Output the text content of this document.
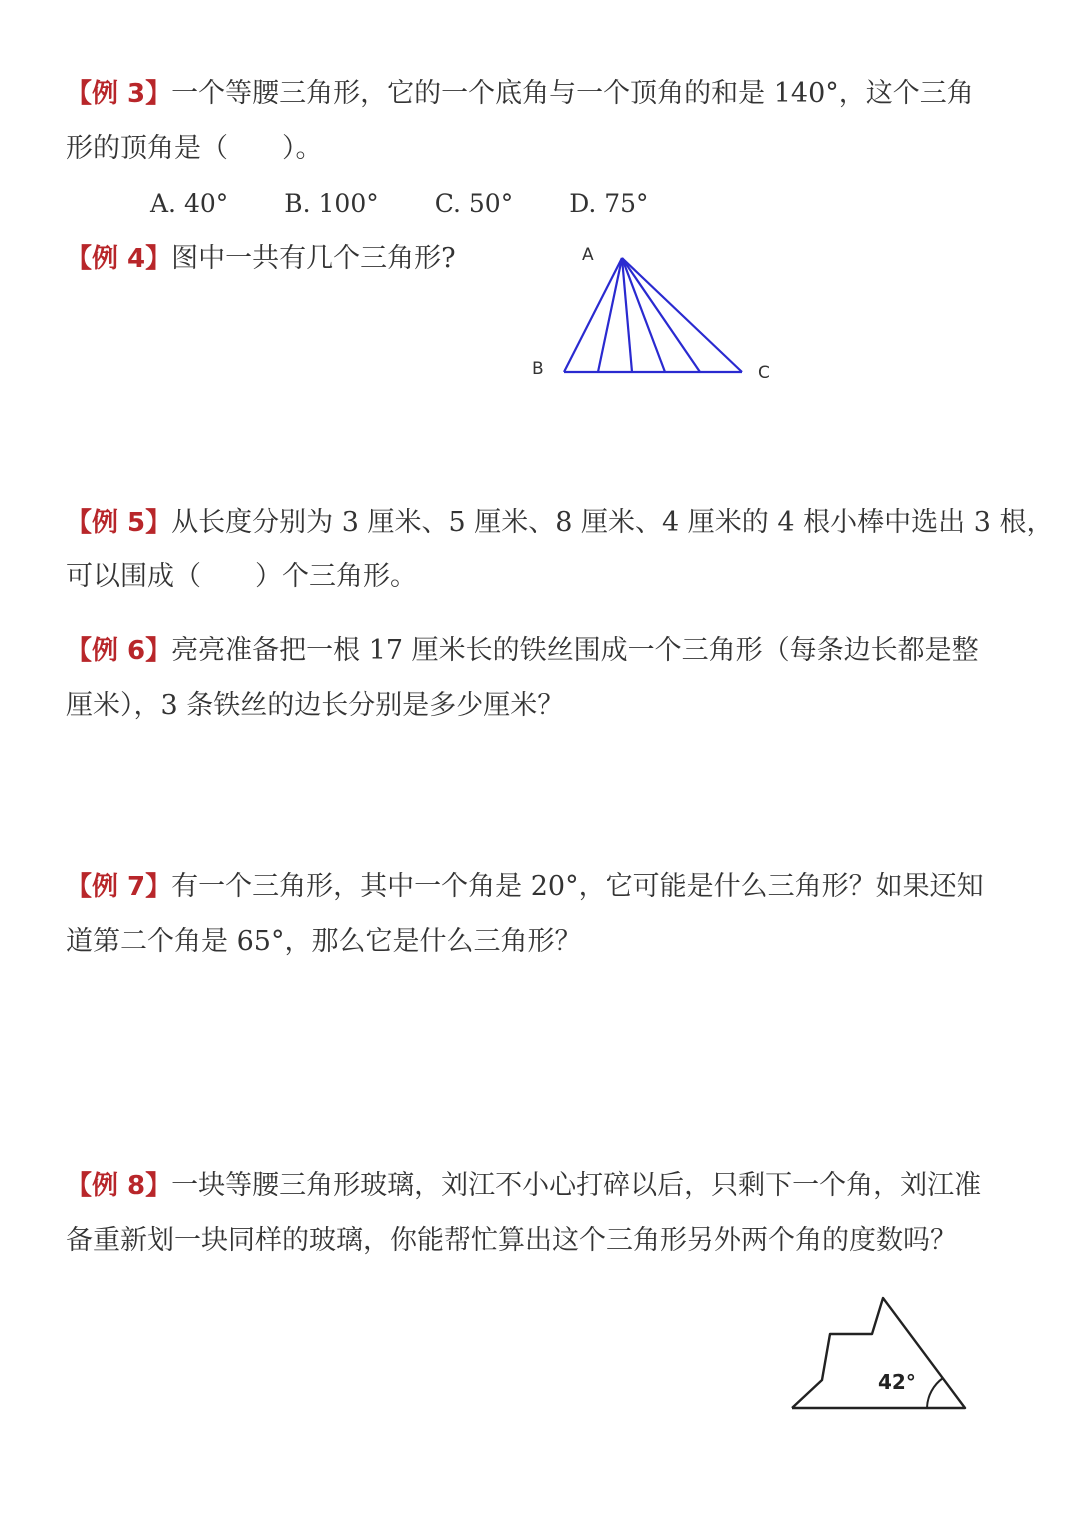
【例 3】一个等腰三角形，它的一个底角与一个顶角的和是 140°，这个三角
形的顶角是（　　）。
A. 40° B. 100° C. 50° D. 75°
【例 4】图中一共有几个三角形?	A
B	C
【例 5】从长度分别为 3 厘米、5 厘米、8 厘米、4 厘米的 4 根小棒中选出 3 根，
可以围成（　　）个三角形。
【例 6】亮亮准备把一根 17 厘米长的铁丝围成一个三角形（每条边长都是整
厘米），3 条铁丝的边长分别是多少厘米？
【例 7】有一个三角形，其中一个角是 20°，它可能是什么三角形？如果还知
道第二个角是 65°，那么它是什么三角形？
【例 8】一块等腰三角形玻璃，刘江不小心打碎以后，只剩下一个角，刘江准
备重新划一块同样的玻璃，你能帮忙算出这个三角形另外两个角的度数吗？
42°
